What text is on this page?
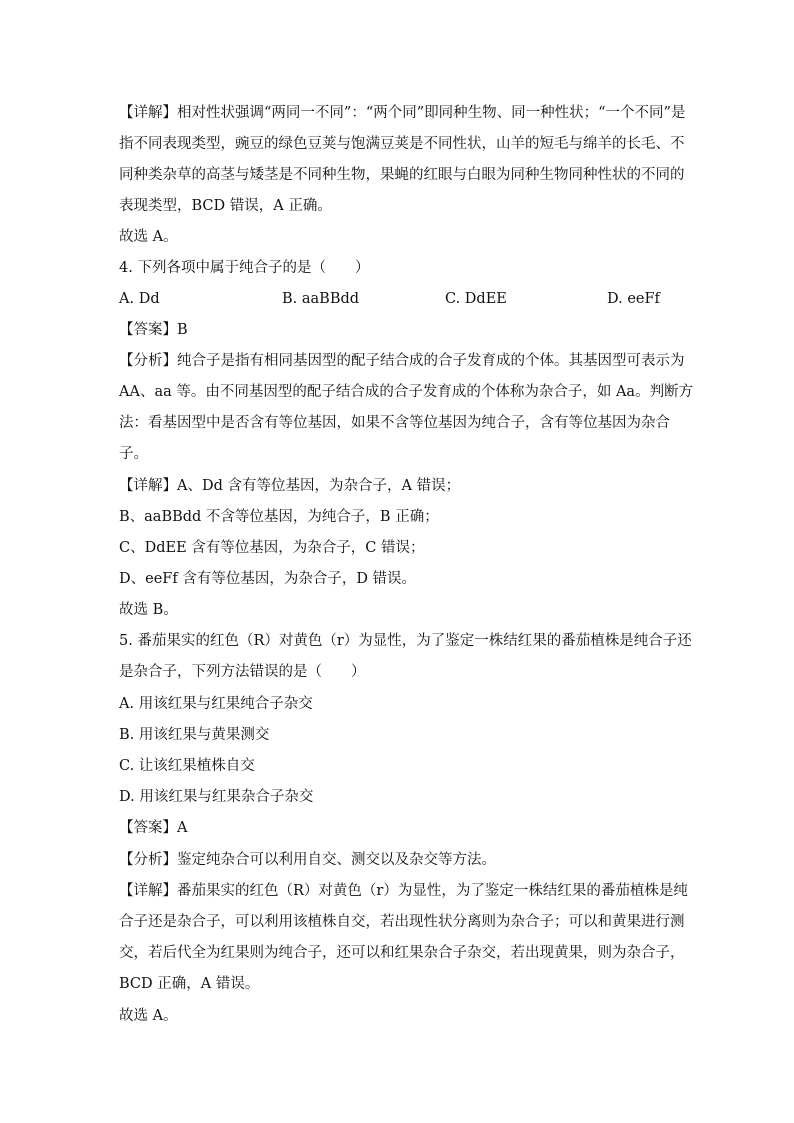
【详解】相对性状强调“两同一不同”：“两个同”即同种生物、同一种性状；“一个不同”是
指不同表现类型，豌豆的绿色豆荚与饱满豆荚是不同性状，山羊的短毛与绵羊的长毛、不
同种类杂草的高茎与矮茎是不同种生物，果蝇的红眼与白眼为同种生物同种性状的不同的
表现类型，BCD 错误，A 正确。
故选 A。
4. 下列各项中属于纯合子的是（　　）
A. Dd	B. aaBBdd	C. DdEE	D. eeFf
【答案】B
【分析】纯合子是指有相同基因型的配子结合成的合子发育成的个体。其基因型可表示为
AA、aa 等。由不同基因型的配子结合成的合子发育成的个体称为杂合子，如 Aa。判断方
法：看基因型中是否含有等位基因，如果不含等位基因为纯合子，含有等位基因为杂合
子。
【详解】A、Dd 含有等位基因，为杂合子，A 错误；
B、aaBBdd 不含等位基因，为纯合子，B 正确；
C、DdEE 含有等位基因，为杂合子，C 错误；
D、eeFf 含有等位基因，为杂合子，D 错误。
故选 B。
5. 番茄果实的红色（R）对黄色（r）为显性，为了鉴定一株结红果的番茄植株是纯合子还
是杂合子，下列方法错误的是（　　）
A. 用该红果与红果纯合子杂交
B. 用该红果与黄果测交
C. 让该红果植株自交
D. 用该红果与红果杂合子杂交
【答案】A
【分析】鉴定纯杂合可以利用自交、测交以及杂交等方法。
【详解】番茄果实的红色（R）对黄色（r）为显性，为了鉴定一株结红果的番茄植株是纯
合子还是杂合子，可以利用该植株自交，若出现性状分离则为杂合子；可以和黄果进行测
交，若后代全为红果则为纯合子，还可以和红果杂合子杂交，若出现黄果，则为杂合子，
BCD 正确，A 错误。
故选 A。
